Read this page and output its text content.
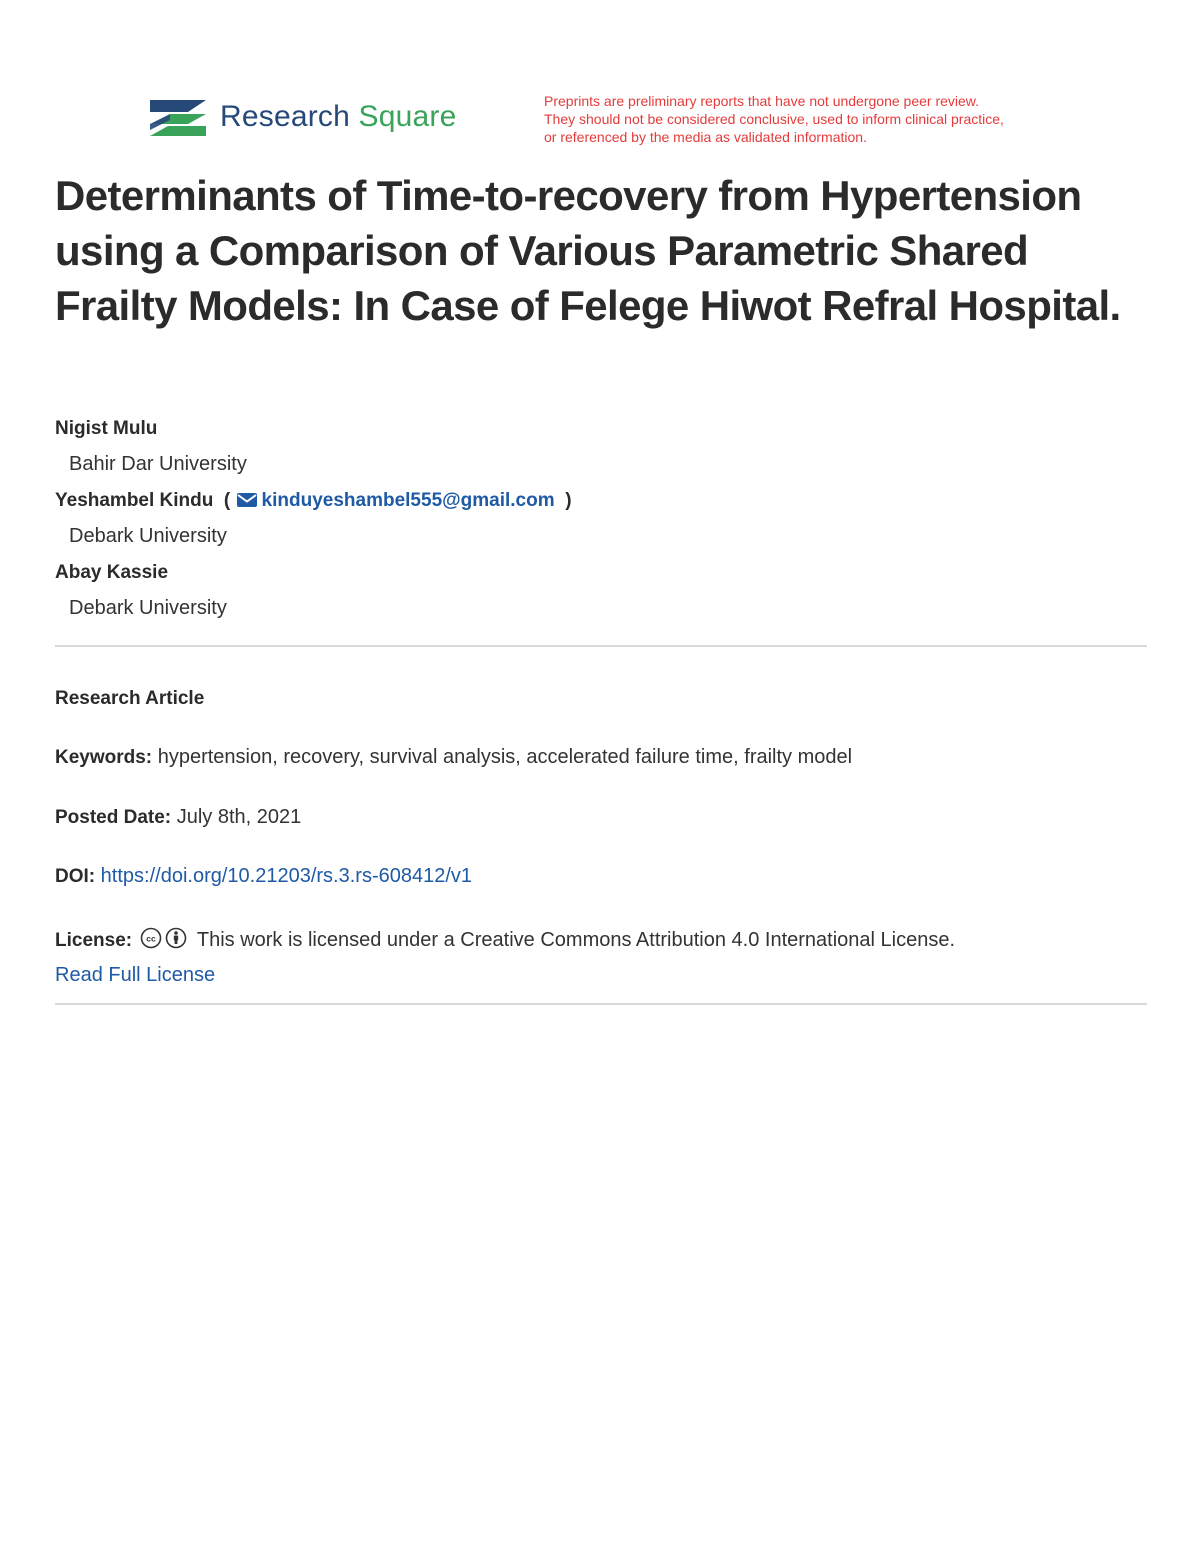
Research Square	Preprints are preliminary reports that have not undergone peer review.
They should not be considered conclusive, used to inform clinical practice,
or referenced by the media as validated information.
Determinants of Time-to-recovery from Hypertension using a Comparison of Various Parametric Shared Frailty Models: In Case of Felege Hiwot Refral Hospital.
Nigist Mulu
Bahir Dar University
Yeshambel Kindu  ( kinduyeshambel555@gmail.com  )
Debark University
Abay Kassie
Debark University
Research Article
Keywords: hypertension, recovery, survival analysis, accelerated failure time, frailty model
Posted Date: July 8th, 2021
DOI: https://doi.org/10.21203/rs.3.rs-608412/v1
License: cc This work is licensed under a Creative Commons Attribution 4.0 International License.
Read Full License
